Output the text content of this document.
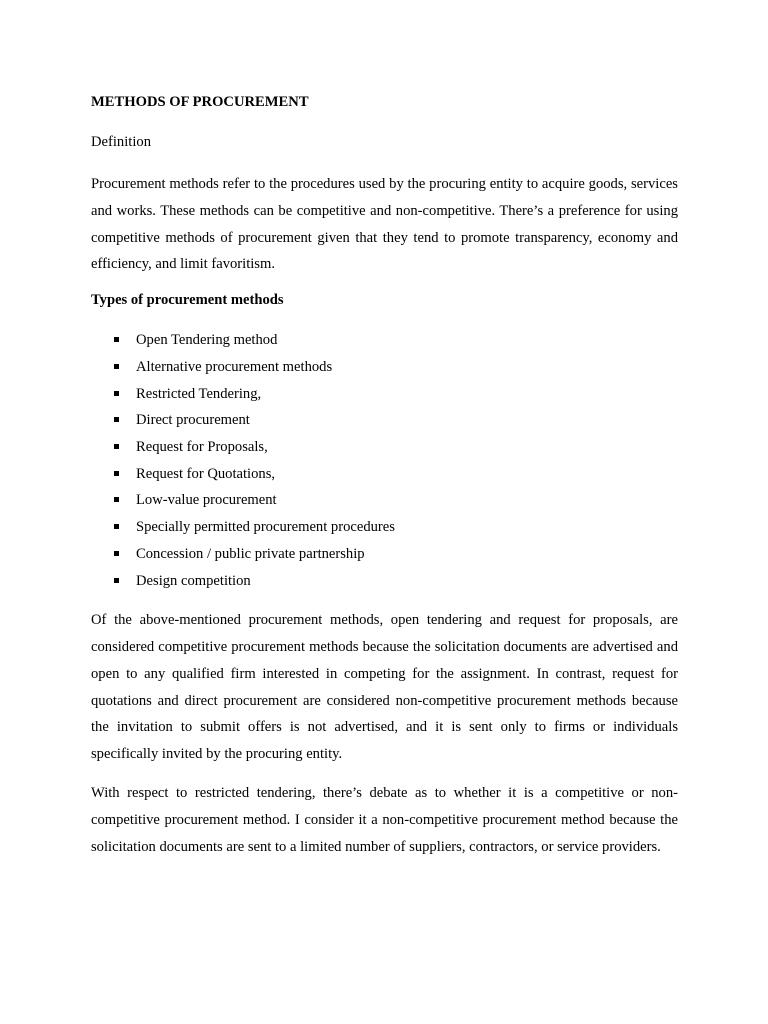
METHODS OF PROCUREMENT
Definition

Procurement methods refer to the procedures used by the procuring entity to acquire goods, services and works. These methods can be competitive and non-competitive. There’s a preference for using competitive methods of procurement given that they tend to promote transparency, economy and efficiency, and limit favoritism.

Types of procurement methods
Open Tendering method
Alternative procurement methods
Restricted Tendering,
Direct procurement
Request for Proposals,
Request for Quotations,
Low-value procurement
Specially permitted procurement procedures
Concession / public private partnership
Design competition

Of the above-mentioned procurement methods, open tendering and request for proposals, are considered competitive procurement methods because the solicitation documents are advertised and open to any qualified firm interested in competing for the assignment. In contrast, request for quotations and direct procurement are considered non-competitive procurement methods because the invitation to submit offers is not advertised, and it is sent only to firms or individuals specifically invited by the procuring entity.

With respect to restricted tendering, there’s debate as to whether it is a competitive or non-competitive procurement method. I consider it a non-competitive procurement method because the solicitation documents are sent to a limited number of suppliers, contractors, or service providers.
